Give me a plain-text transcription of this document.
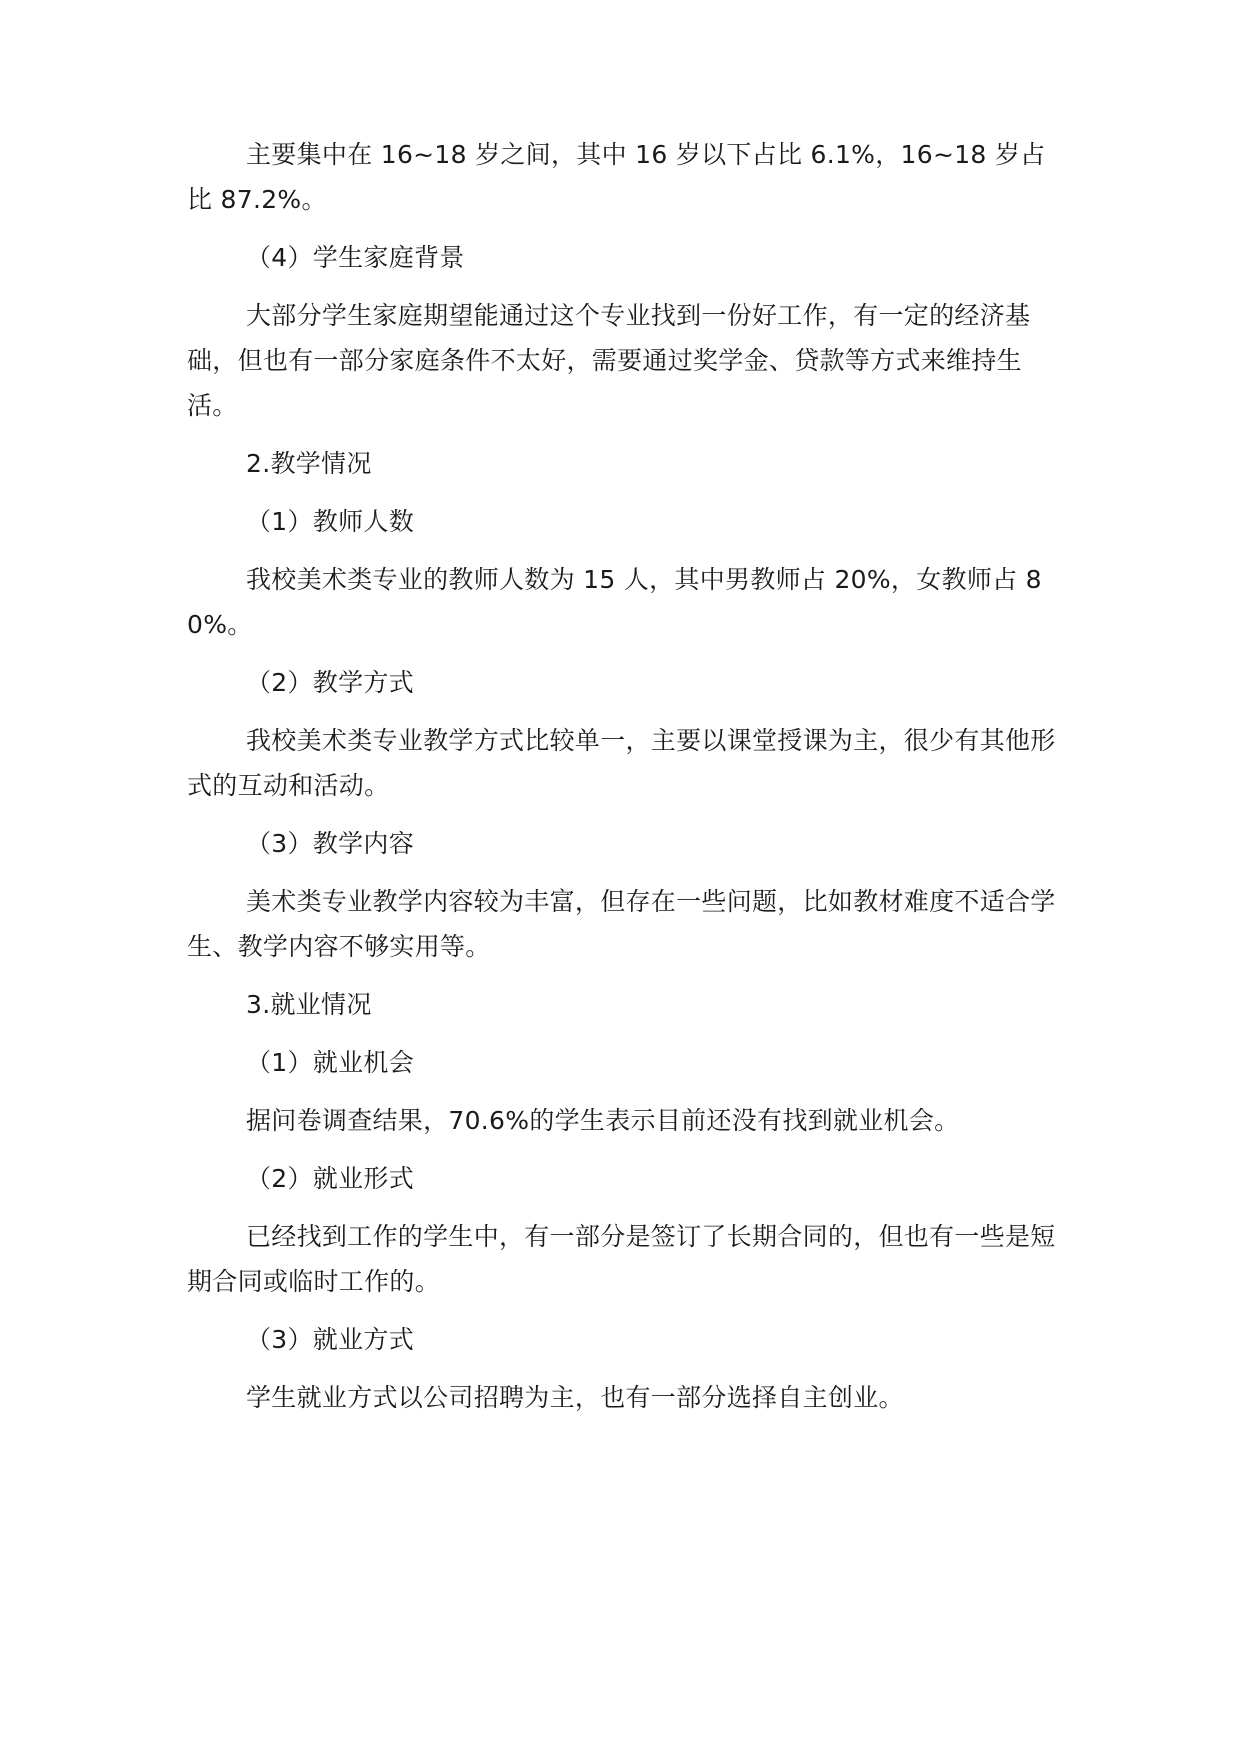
主要集中在 16~18 岁之间，其中 16 岁以下占比 6.1%，16~18 岁占比 87.2%。

（4）学生家庭背景

大部分学生家庭期望能通过这个专业找到一份好工作，有一定的经济基础，但也有一部分家庭条件不太好，需要通过奖学金、贷款等方式来维持生活。

2.教学情况

（1）教师人数

我校美术类专业的教师人数为 15 人，其中男教师占 20%，女教师占 80%。

（2）教学方式

我校美术类专业教学方式比较单一，主要以课堂授课为主，很少有其他形式的互动和活动。

（3）教学内容

美术类专业教学内容较为丰富，但存在一些问题，比如教材难度不适合学生、教学内容不够实用等。

3.就业情况

（1）就业机会

据问卷调查结果，70.6%的学生表示目前还没有找到就业机会。

（2）就业形式

已经找到工作的学生中，有一部分是签订了长期合同的，但也有一些是短期合同或临时工作的。

（3）就业方式

学生就业方式以公司招聘为主，也有一部分选择自主创业。
